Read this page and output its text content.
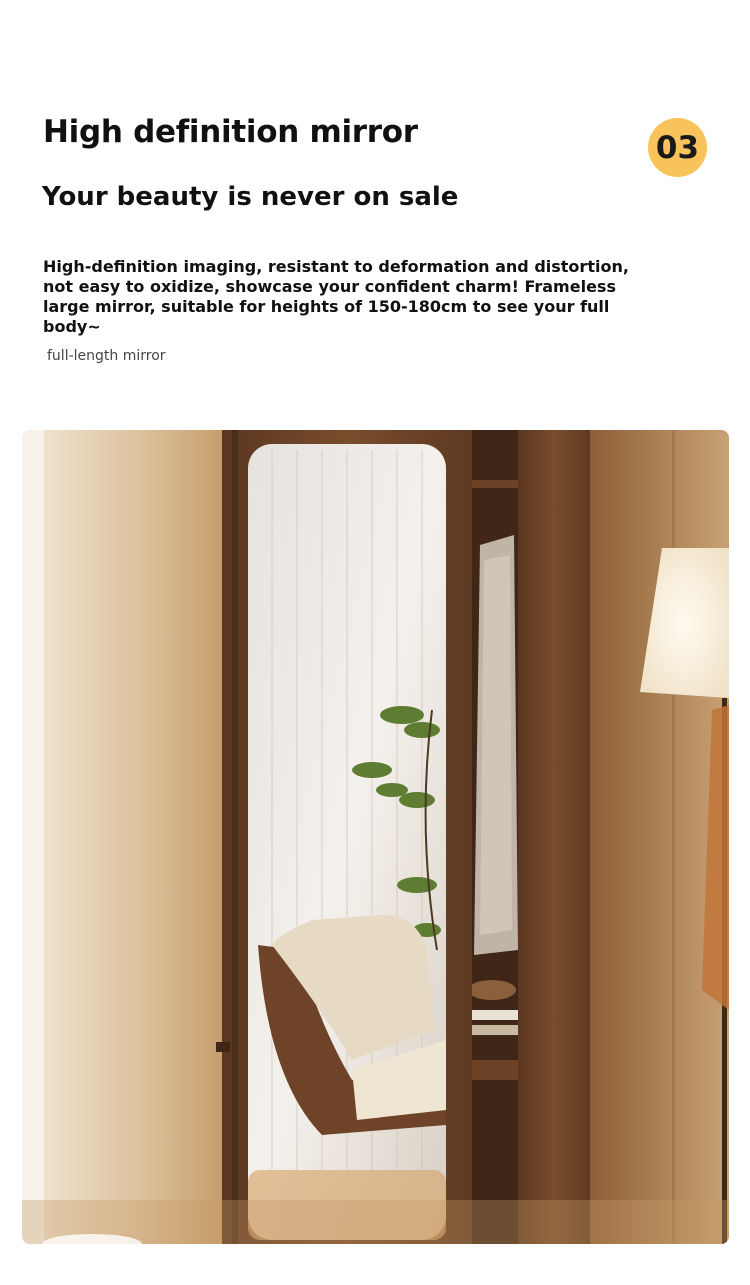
High definition mirror	03
Your beauty is never on sale

High-definition imaging, resistant to deformation and distortion, not easy to oxidize, showcase your confident charm! Frameless large mirror, suitable for heights of 150-180cm to see your full body~

full-length mirror
